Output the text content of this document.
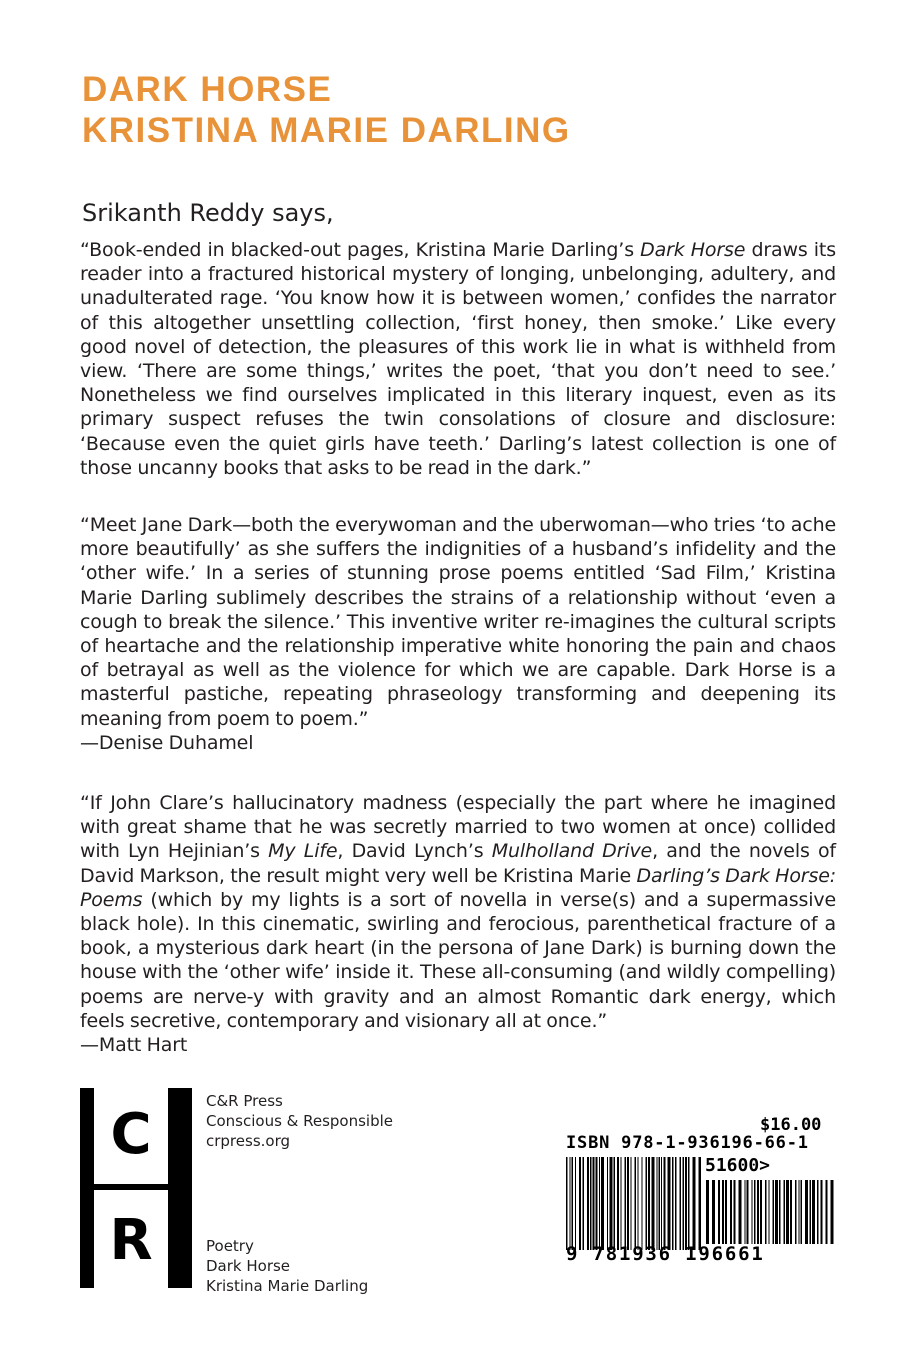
DARK HORSE
KRISTINA MARIE DARLING

Srikanth Reddy says,

“Book-ended in blacked-out pages, Kristina Marie Darling’s Dark Horse draws its reader into a fractured historical mystery of longing, unbelonging, adultery, and unadulterated rage. ‘You know how it is between women,’ confides the narrator of this altogether unsettling collection, ‘first honey, then smoke.’ Like every good novel of detection, the pleasures of this work lie in what is withheld from view. ‘There are some things,’ writes the poet, ‘that you don’t need to see.’ Nonetheless we find ourselves implicated in this literary inquest, even as its primary suspect refuses the twin consolations of closure and disclosure: ‘Because even the quiet girls have teeth.’ Darling’s latest collection is one of those uncanny books that asks to be read in the dark.”

“Meet Jane Dark—both the everywoman and the uberwoman—who tries ‘to ache more beautifully’ as she suffers the indignities of a husband’s infidelity and the ‘other wife.’ In a series of stunning prose poems entitled ‘Sad Film,’ Kristina Marie Darling sublimely describes the strains of a relationship without ‘even a cough to break the silence.’ This inventive writer re-imagines the cultural scripts of heartache and the relationship imperative white honoring the pain and chaos of betrayal as well as the violence for which we are capable. Dark Horse is a masterful pastiche, repeating phraseology transforming and deepening its meaning from poem to poem.”
—Denise Duhamel

“If John Clare’s hallucinatory madness (especially the part where he imagined with great shame that he was secretly married to two women at once) collided with Lyn Hejinian’s My Life, David Lynch’s Mulholland Drive, and the novels of David Markson, the result might very well be Kristina Marie Darling’s Dark Horse: Poems (which by my lights is a sort of novella in verse(s) and a supermassive black hole). In this cinematic, swirling and ferocious, parenthetical fracture of a book, a mysterious dark heart (in the persona of Jane Dark) is burning down the house with the ‘other wife’ inside it. These all-consuming (and wildly compelling) poems are nerve-y with gravity and an almost Romantic dark energy, which feels secretive, contemporary and visionary all at once.”
—Matt Hart

C
R
C&R Press
Conscious & Responsible
crpress.org
Poetry
Dark Horse
Kristina Marie Darling
$16.00
ISBN 978-1-936196-66-1
51600>
9 781936 196661
